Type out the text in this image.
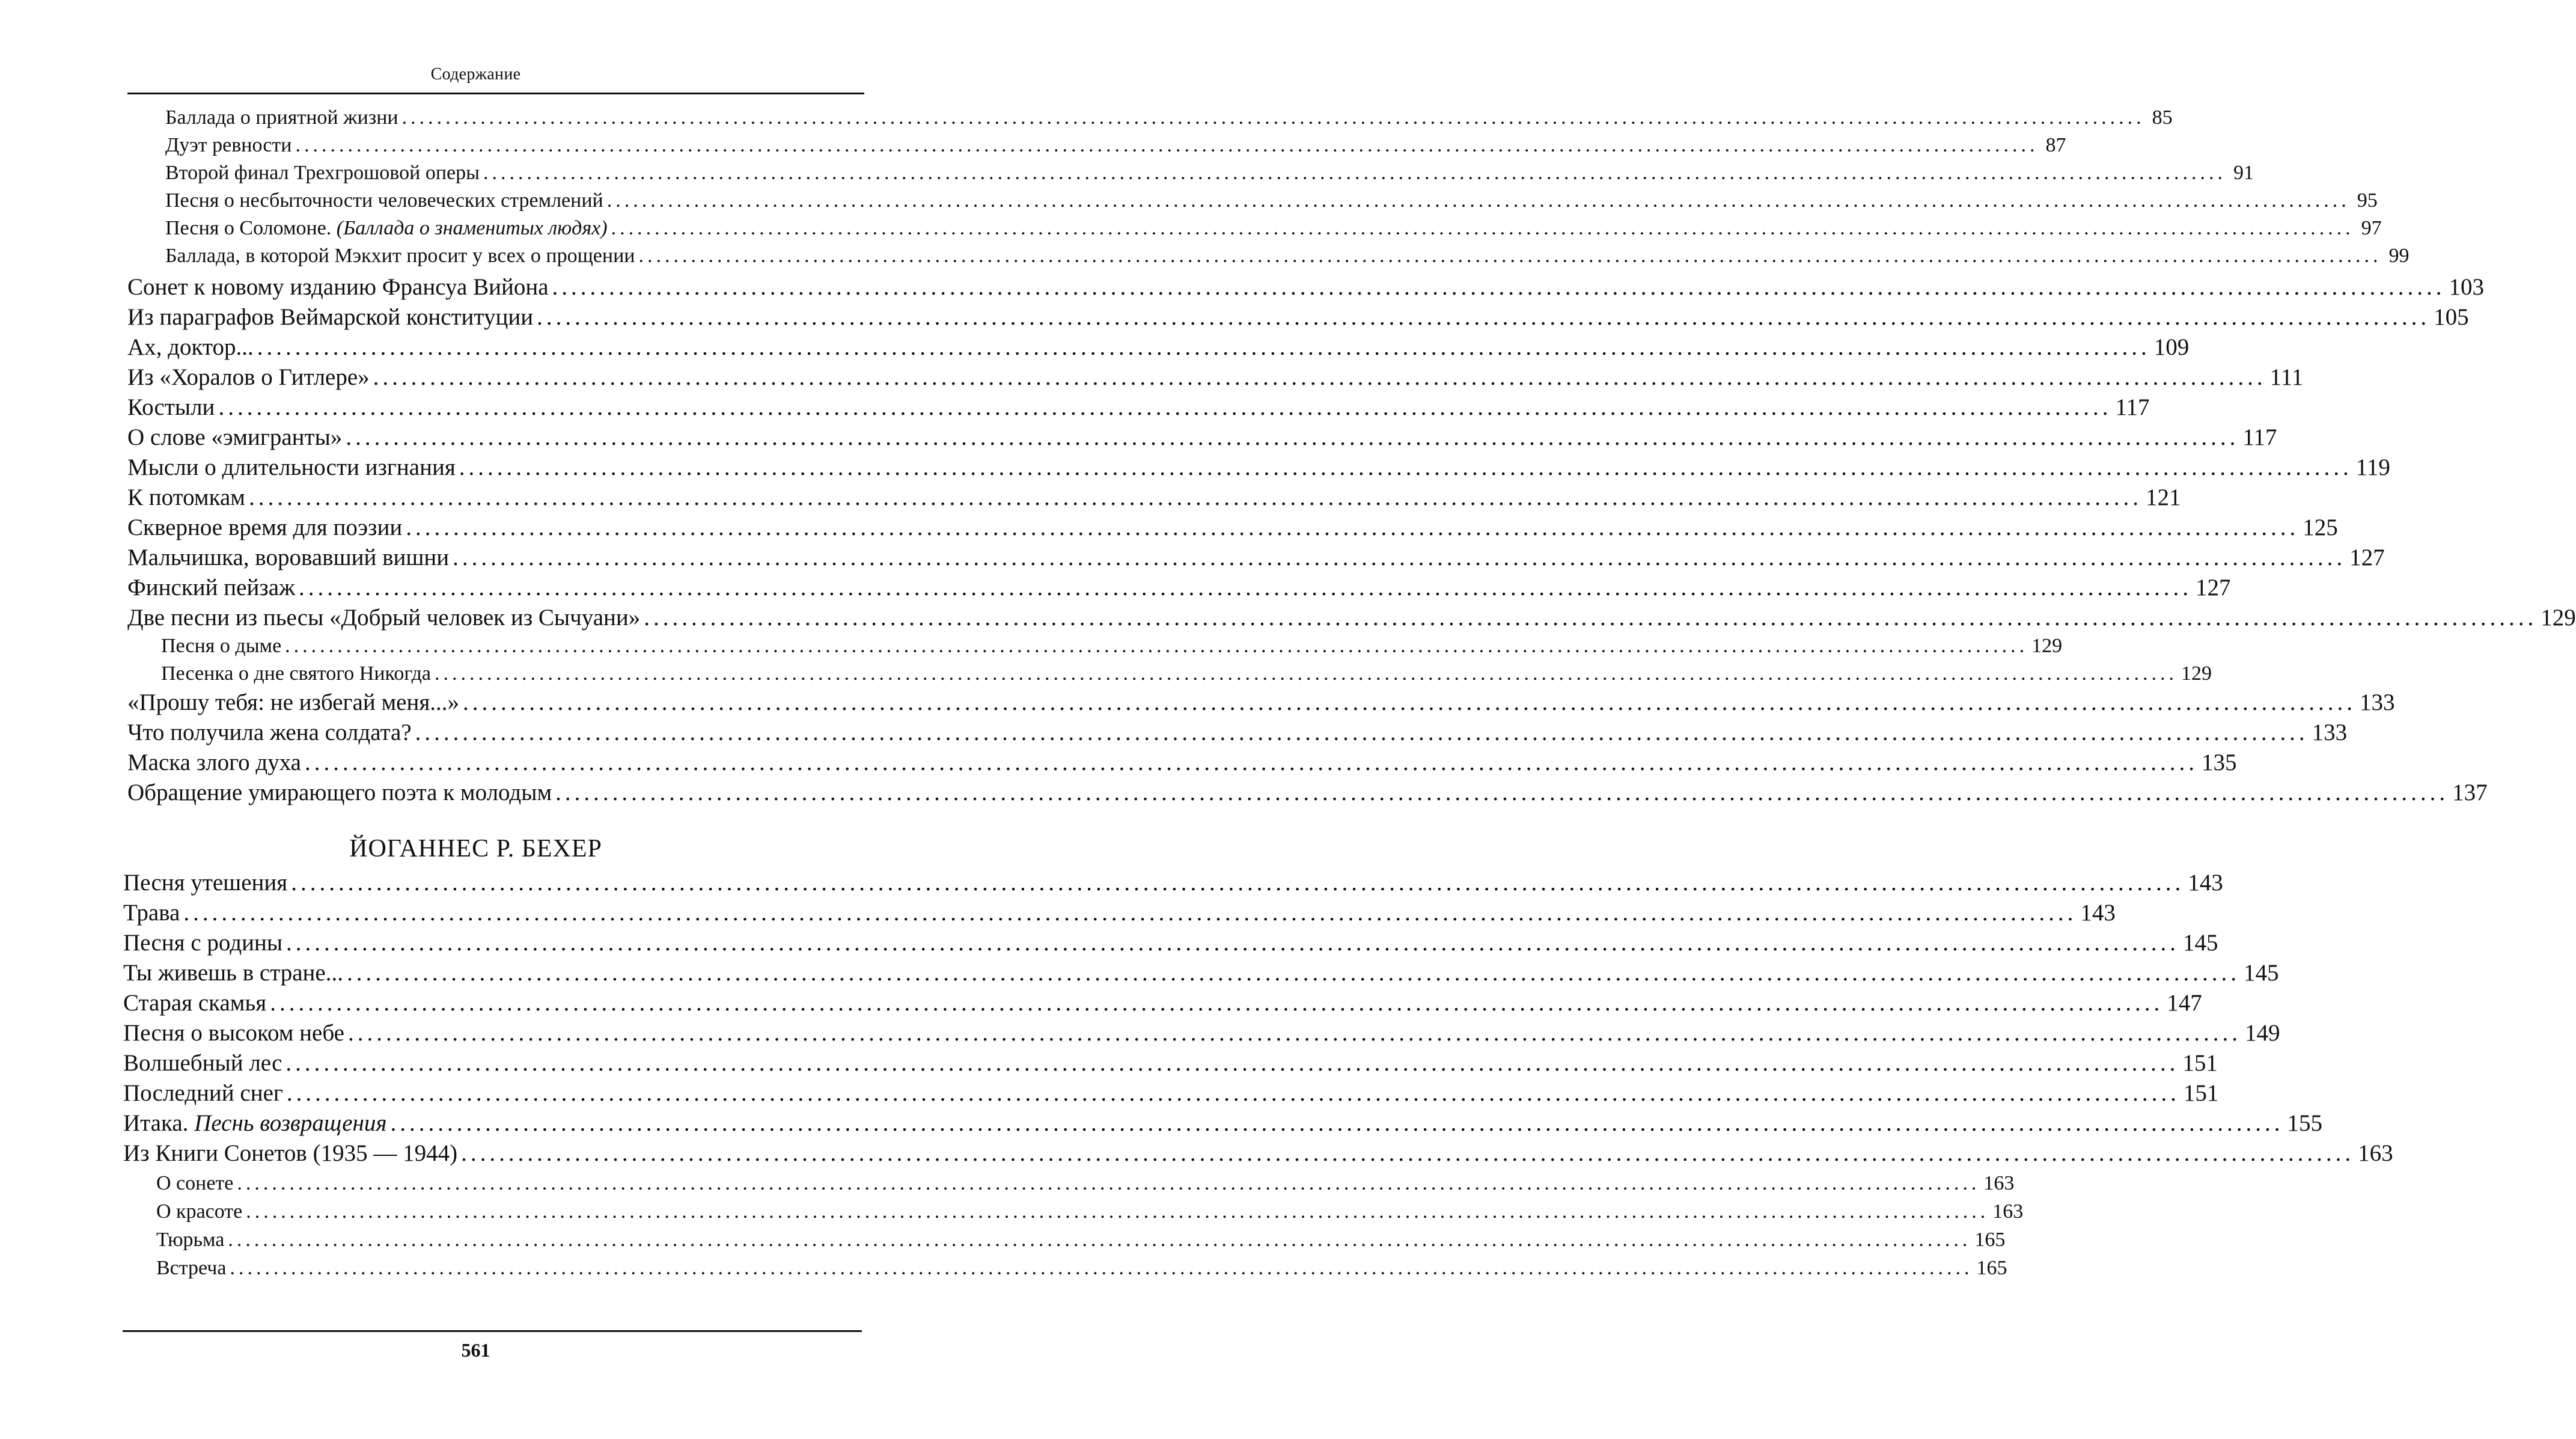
Содержание
Баллада о приятной жизни ........................................................................................................................................................................................................ 85
Дуэт ревности ........................................................................................................................................................................................................ 87
Второй финал Трехгрошовой оперы ........................................................................................................................................................................................................ 91
Песня о несбыточности человеческих стремлений ........................................................................................................................................................................................................ 95
Песня о Соломоне. (Баллада о знаменитых людях) ........................................................................................................................................................................................................ 97
Баллада, в которой Мэкхит просит у всех о прощении ........................................................................................................................................................................................................ 99
Сонет к новому изданию Франсуа Вийона ........................................................................................................................................................................................................ 103
Из параграфов Веймарской конституции ........................................................................................................................................................................................................ 105
Ах, доктор... ........................................................................................................................................................................................................ 109
Из «Хоралов о Гитлере» ........................................................................................................................................................................................................ 111
Костыли ........................................................................................................................................................................................................ 117
О слове «эмигранты» ........................................................................................................................................................................................................ 117
Мысли о длительности изгнания ........................................................................................................................................................................................................ 119
К потомкам ........................................................................................................................................................................................................ 121
Скверное время для поэзии ........................................................................................................................................................................................................ 125
Мальчишка, воровавший вишни ........................................................................................................................................................................................................ 127
Финский пейзаж ........................................................................................................................................................................................................ 127
Две песни из пьесы «Добрый человек из Сычуани» ........................................................................................................................................................................................................ 129
Песня о дыме ........................................................................................................................................................................................................ 129
Песенка о дне святого Никогда ........................................................................................................................................................................................................ 129
«Прошу тебя: не избегай меня...» ........................................................................................................................................................................................................ 133
Что получила жена солдата? ........................................................................................................................................................................................................ 133
Маска злого духа ........................................................................................................................................................................................................ 135
Обращение умирающего поэта к молодым ........................................................................................................................................................................................................ 137
ЙОГАННЕС Р. БЕХЕР
Песня утешения ........................................................................................................................................................................................................ 143
Трава ........................................................................................................................................................................................................ 143
Песня с родины ........................................................................................................................................................................................................ 145
Ты живешь в стране... ........................................................................................................................................................................................................ 145
Старая скамья ........................................................................................................................................................................................................ 147
Песня о высоком небе ........................................................................................................................................................................................................ 149
Волшебный лес ........................................................................................................................................................................................................ 151
Последний снег ........................................................................................................................................................................................................ 151
Итака. Песнь возвращения ........................................................................................................................................................................................................ 155
Из Книги Сонетов (1935 — 1944) ........................................................................................................................................................................................................ 163
О сонете ........................................................................................................................................................................................................ 163
О красоте ........................................................................................................................................................................................................ 163
Тюрьма ........................................................................................................................................................................................................ 165
Встреча ........................................................................................................................................................................................................ 165
561
